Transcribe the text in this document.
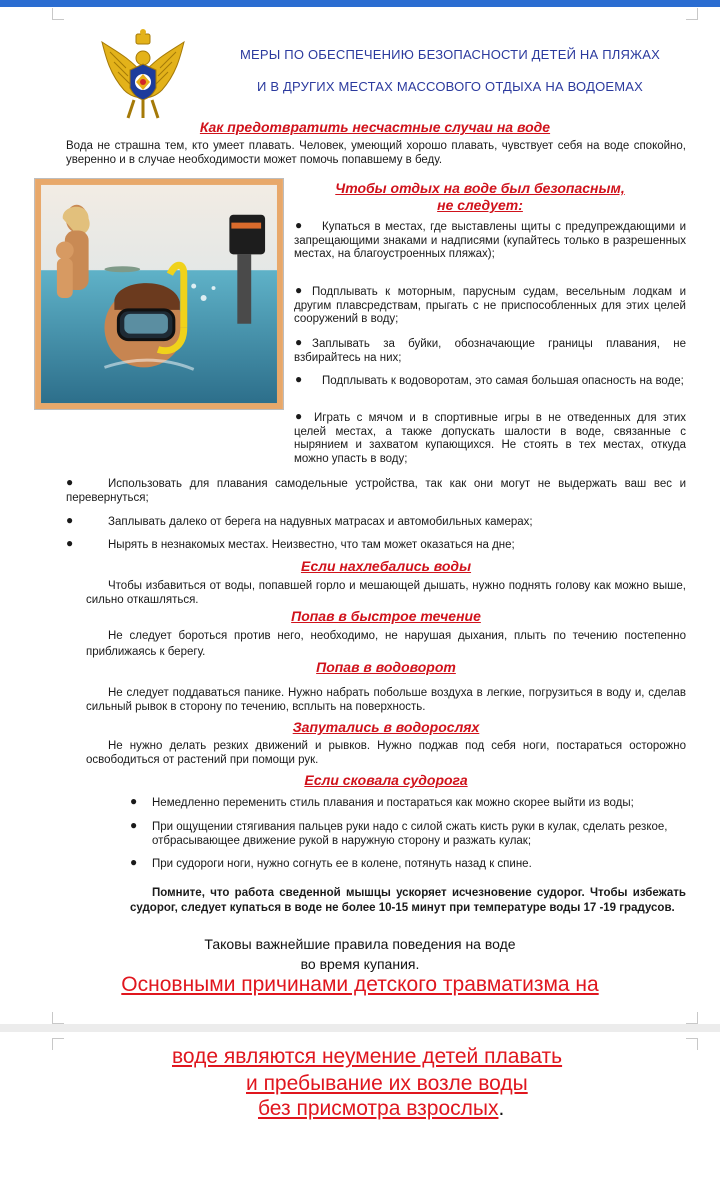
МЕРЫ ПО ОБЕСПЕЧЕНИЮ БЕЗОПАСНОСТИ ДЕТЕЙ НА ПЛЯЖАХ
И В ДРУГИХ МЕСТАХ МАССОВОГО ОТДЫХА НА ВОДОЕМАХ
Как предотвратить несчастные случаи на воде
Вода не страшна тем, кто умеет плавать. Человек, умеющий хорошо плавать, чувствует себя на воде спокойно, уверенно и в случае необходимости может помочь попавшему в беду.
Чтобы отдых на воде был безопасным,
не следует:
●	Купаться в местах, где выставлены щиты с предупреждающими и запрещающими знаками и надписями (купайтесь только в разрешенных местах, на благоустроенных пляжах);
● Подплывать к моторным, парусным судам, весельным лодкам и другим плавсредствам, прыгать с не приспособленных для этих целей сооружений в воду;
● Заплывать за буйки, обозначающие границы плавания, не взбирайтесь на них;
●	Подплывать к водоворотам, это самая большая опасность на воде;
●	Играть с мячом и в спортивные игры в не отведенных для этих целей местах, а также допускать шалости в воде, связанные с нырянием и захватом купающихся. Не стоять в тех местах, откуда можно упасть в воду;
●	Использовать для плавания самодельные устройства, так как они могут не выдержать ваш вес и перевернуться;
●	Заплывать далеко от берега на надувных матрасах и автомобильных камерах;
●	Нырять в незнакомых местах. Неизвестно, что там может оказаться на дне;
Если нахлебались воды
Чтобы избавиться от воды, попавшей горло и мешающей дышать, нужно поднять голову как можно выше, сильно откашляться.
Попав в быстрое течение
Не следует бороться против него, необходимо, не нарушая дыхания, плыть по течению постепенно приближаясь к берегу.
Попав в водоворот
Не следует поддаваться панике. Нужно набрать побольше воздуха в легкие, погрузиться в воду и, сделав сильный рывок в сторону по течению, всплыть на поверхность.
Запутались в водорослях
Не нужно делать резких движений и рывков. Нужно поджав под себя ноги, постараться осторожно освободиться от растений при помощи рук.
Если сковала судорога
● Немедленно переменить стиль плавания и постараться как можно скорее выйти из воды;
● При ощущении стягивания пальцев руки надо с силой сжать кисть руки в кулак, сделать резкое, отбрасывающее движение рукой в наружную сторону и разжать кулак;
● При судороги ноги, нужно согнуть ее в колене, потянуть назад к спине.
Помните, что работа сведенной мышцы ускоряет исчезновение судорог. Чтобы избежать судорог, следует купаться в воде не более 10-15 минут при температуре воды 17 -19 градусов.
Таковы важнейшие правила поведения на воде
во время купания.
Основными причинами детского травматизма на
воде являются неумение детей плавать
и пребывание их возле воды
без присмотра взрослых.
